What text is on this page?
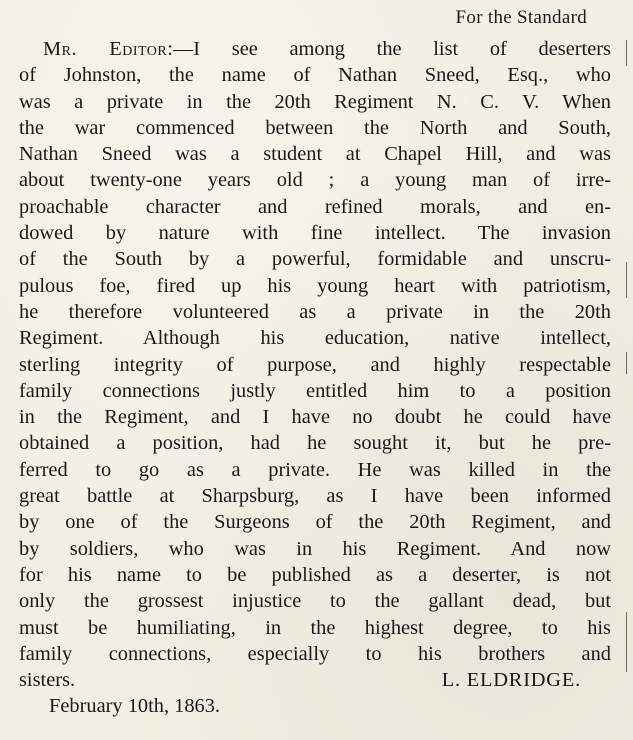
For the Standard
Mr. Editor:—I see among the list of deserters
of Johnston, the name of Nathan Sneed, Esq., who
was a private in the 20th Regiment N. C. V. When
the war commenced between the North and South,
Nathan Sneed was a student at Chapel Hill, and was
about twenty-one years old ; a young man of irre-
proachable character and refined morals, and en-
dowed by nature with fine intellect. The invasion
of the South by a powerful, formidable and unscru-
pulous foe, fired up his young heart with patriotism,
he therefore volunteered as a private in the 20th
Regiment. Although his education, native intellect,
sterling integrity of purpose, and highly respectable
family connections justly entitled him to a position
in the Regiment, and I have no doubt he could have
obtained a position, had he sought it, but he pre-
ferred to go as a private. He was killed in the
great battle at Sharpsburg, as I have been informed
by one of the Surgeons of the 20th Regiment, and
by soldiers, who was in his Regiment. And now
for his name to be published as a deserter, is not
only the grossest injustice to the gallant dead, but
must be humiliating, in the highest degree, to his
family connections, especially to his brothers and
sisters.	L. ELDRIDGE.
February 10th, 1863.
